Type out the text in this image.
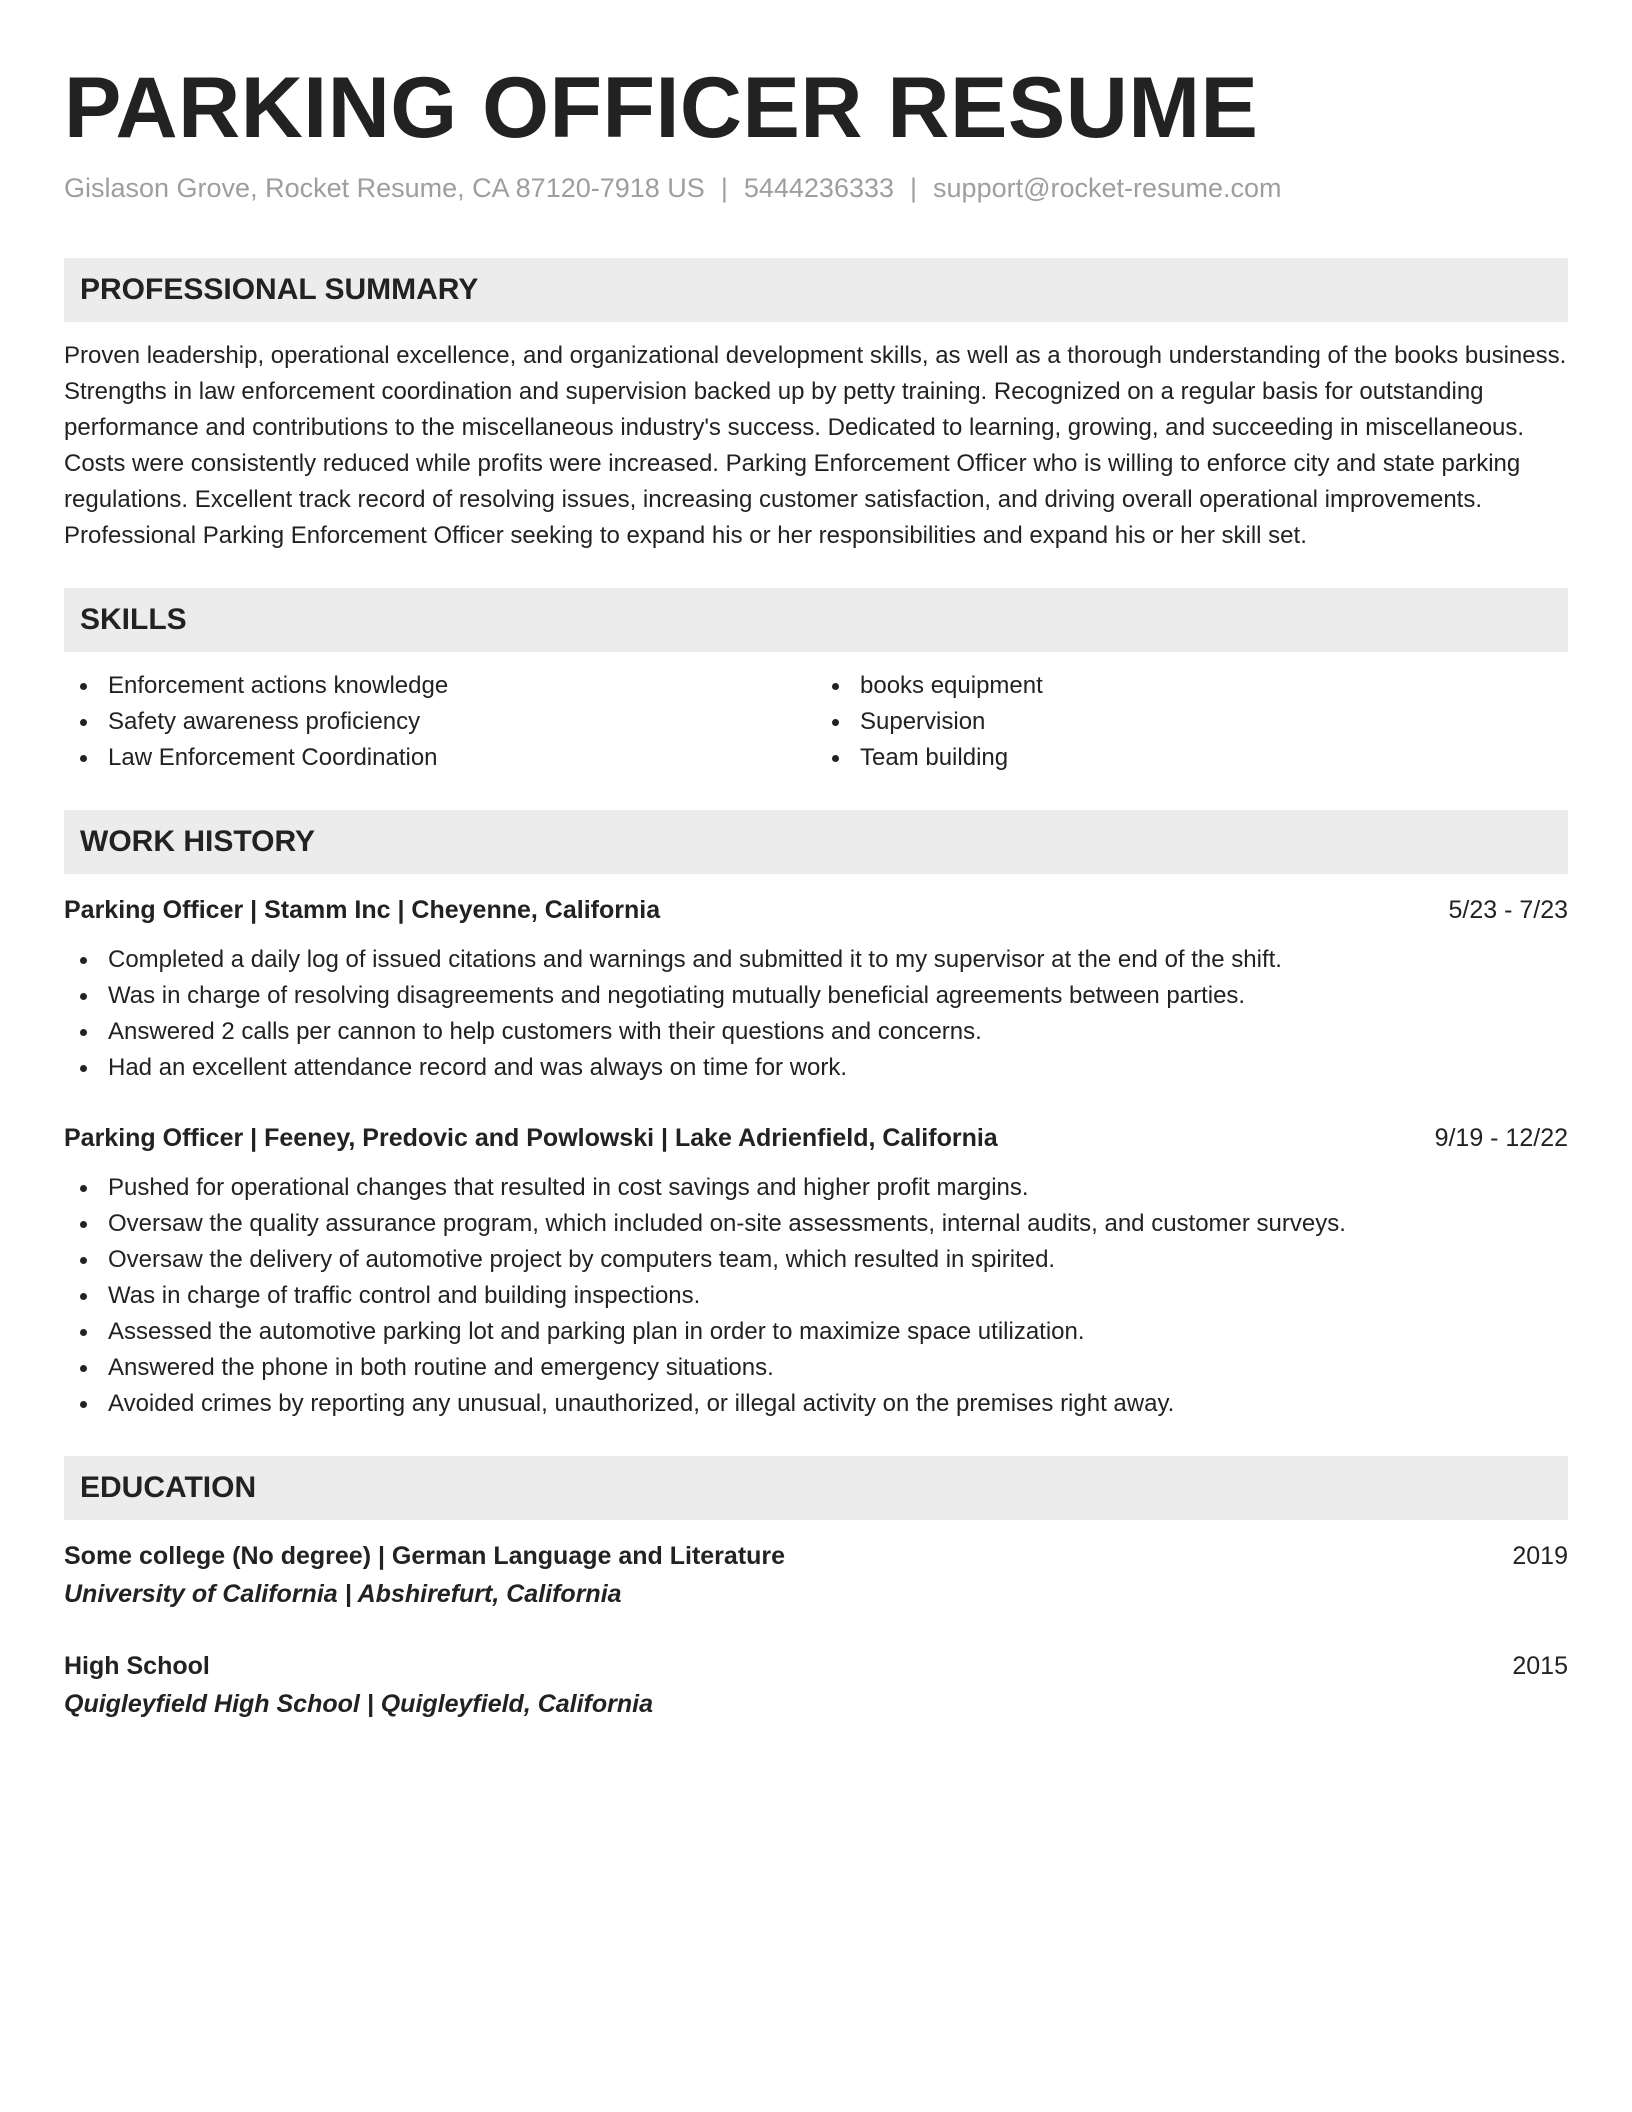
PARKING OFFICER RESUME
Gislason Grove, Rocket Resume, CA 87120-7918 US | 5444236333 | support@rocket-resume.com
PROFESSIONAL SUMMARY

Proven leadership, operational excellence, and organizational development skills, as well as a thorough understanding of the books business. Strengths in law enforcement coordination and supervision backed up by petty training. Recognized on a regular basis for outstanding performance and contributions to the miscellaneous industry's success. Dedicated to learning, growing, and succeeding in miscellaneous. Costs were consistently reduced while profits were increased. Parking Enforcement Officer who is willing to enforce city and state parking regulations. Excellent track record of resolving issues, increasing customer satisfaction, and driving overall operational improvements. Professional Parking Enforcement Officer seeking to expand his or her responsibilities and expand his or her skill set.

SKILLS
Enforcement actions knowledge
Safety awareness proficiency
Law Enforcement Coordination
books equipment
Supervision
Team building
WORK HISTORY
Parking Officer | Stamm Inc | Cheyenne, California	5/23 - 7/23
Completed a daily log of issued citations and warnings and submitted it to my supervisor at the end of the shift.
Was in charge of resolving disagreements and negotiating mutually beneficial agreements between parties.
Answered 2 calls per cannon to help customers with their questions and concerns.
Had an excellent attendance record and was always on time for work.
Parking Officer | Feeney, Predovic and Powlowski | Lake Adrienfield, California	9/19 - 12/22
Pushed for operational changes that resulted in cost savings and higher profit margins.
Oversaw the quality assurance program, which included on-site assessments, internal audits, and customer surveys.
Oversaw the delivery of automotive project by computers team, which resulted in spirited.
Was in charge of traffic control and building inspections.
Assessed the automotive parking lot and parking plan in order to maximize space utilization.
Answered the phone in both routine and emergency situations.
Avoided crimes by reporting any unusual, unauthorized, or illegal activity on the premises right away.
EDUCATION
Some college (No degree) | German Language and Literature	2019
University of California | Abshirefurt, California
High School	2015
Quigleyfield High School | Quigleyfield, California
